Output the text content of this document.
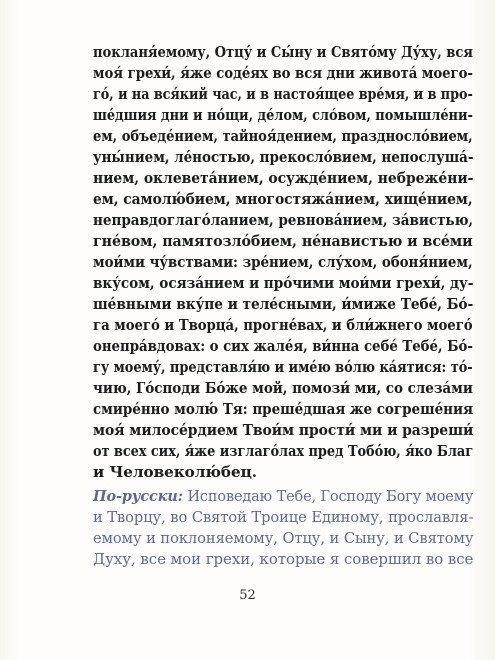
покланя́емому, Отцу́ и Сы́ну и Свято́му Ду́ху, вся
моя́ грехи́, я́же соде́ях во вся дни живота́ моего-
го́, и на вся́кий час, и в настоя́щее вре́мя, и в про-
ше́дшия дни и но́щи, де́лом, сло́вом, помышле́ни-
ем, объеде́нием, тайноя́дением, праздносло́вием,
уны́нием, ле́ностью, прекосло́вием, непослуша́-
нием, оклевета́нием, осужде́нием, небреже́ни-
ем, самолю́бием, многостяжа́нием, хище́нием,
неправдоглаго́ланием, ревнова́нием, за́вистью,
гне́вом, памятозло́бием, не́навистью и все́ми
мои́ми чу́вствами: зре́нием, слу́хом, обоня́нием,
вку́сом, осяза́нием и про́чими мои́ми грехи́, ду-
ше́вными вку́пе и теле́сными, и́миже Тебе́, Бо́-
га моего́ и Творца́, прогне́вах, и бли́жнего моего́
онепра́вдовах: о сих жале́я, ви́нна себе́ Тебе́, Бо́-
гу моему́, представля́ю и име́ю во́лю ка́ятися: то́-
чию, Го́споди Бо́же мой, помози́ ми, со слеза́ми
смире́нно молю́ Тя: преше́дшая же согреше́ния
моя́ милосе́рдием Твои́м прости́ ми и разреши́
от всех сих, я́же изглаго́лах пред Тобо́ю, я́ко Благ
и Человеколю́бец.
По-русски: Исповедаю Тебе, Господу Богу моему
и Творцу, во Святой Троице Единому, прославля-
емому и поклоняемому, Отцу, и Сыну, и Святому
Духу, все мои грехи, которые я совершил во все
52
